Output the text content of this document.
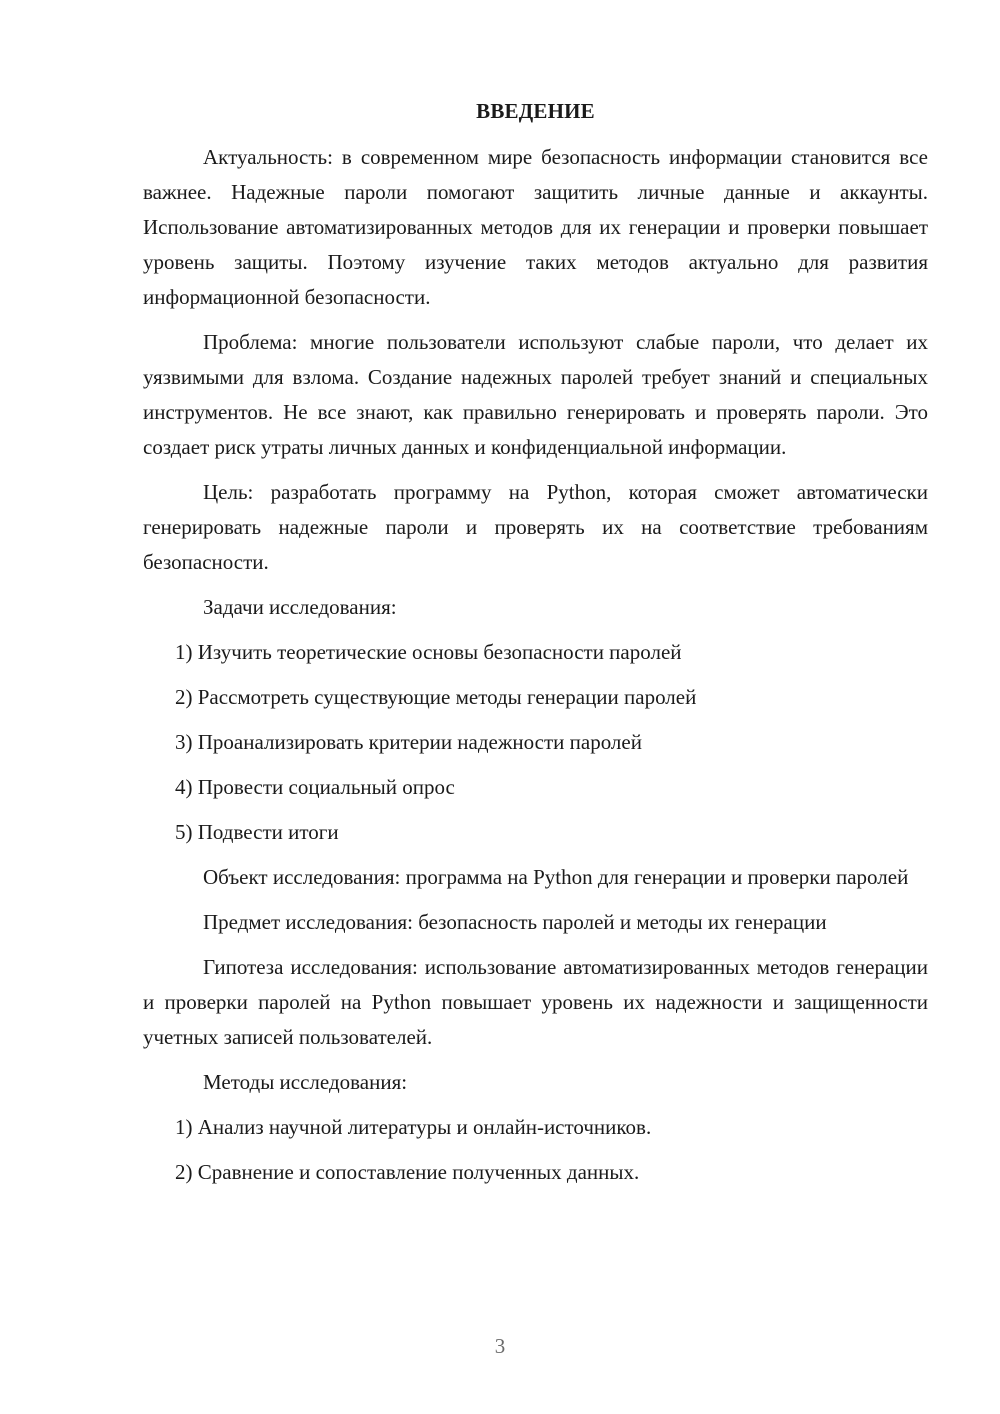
ВВЕДЕНИЕ

Актуальность: в современном мире безопасность информации становится все важнее. Надежные пароли помогают защитить личные данные и аккаунты. Использование автоматизированных методов для их генерации и проверки повышает уровень защиты. Поэтому изучение таких методов актуально для развития информационной безопасности.

Проблема: многие пользователи используют слабые пароли, что делает их уязвимыми для взлома. Создание надежных паролей требует знаний и специальных инструментов. Не все знают, как правильно генерировать и проверять пароли. Это создает риск утраты личных данных и конфиденциальной информации.

Цель: разработать программу на Python, которая сможет автоматически генерировать надежные пароли и проверять их на соответствие требованиям безопасности.

Задачи исследования:

1) Изучить теоретические основы безопасности паролей
2) Рассмотреть существующие методы генерации паролей
3) Проанализировать критерии надежности паролей
4) Провести социальный опрос
5) Подвести итоги

Объект исследования: программа на Python для генерации и проверки паролей

Предмет исследования: безопасность паролей и методы их генерации

Гипотеза исследования: использование автоматизированных методов генерации и проверки паролей на Python повышает уровень их надежности и защищенности учетных записей пользователей.

Методы исследования:

1) Анализ научной литературы и онлайн-источников.
2) Сравнение и сопоставление полученных данных.
3
